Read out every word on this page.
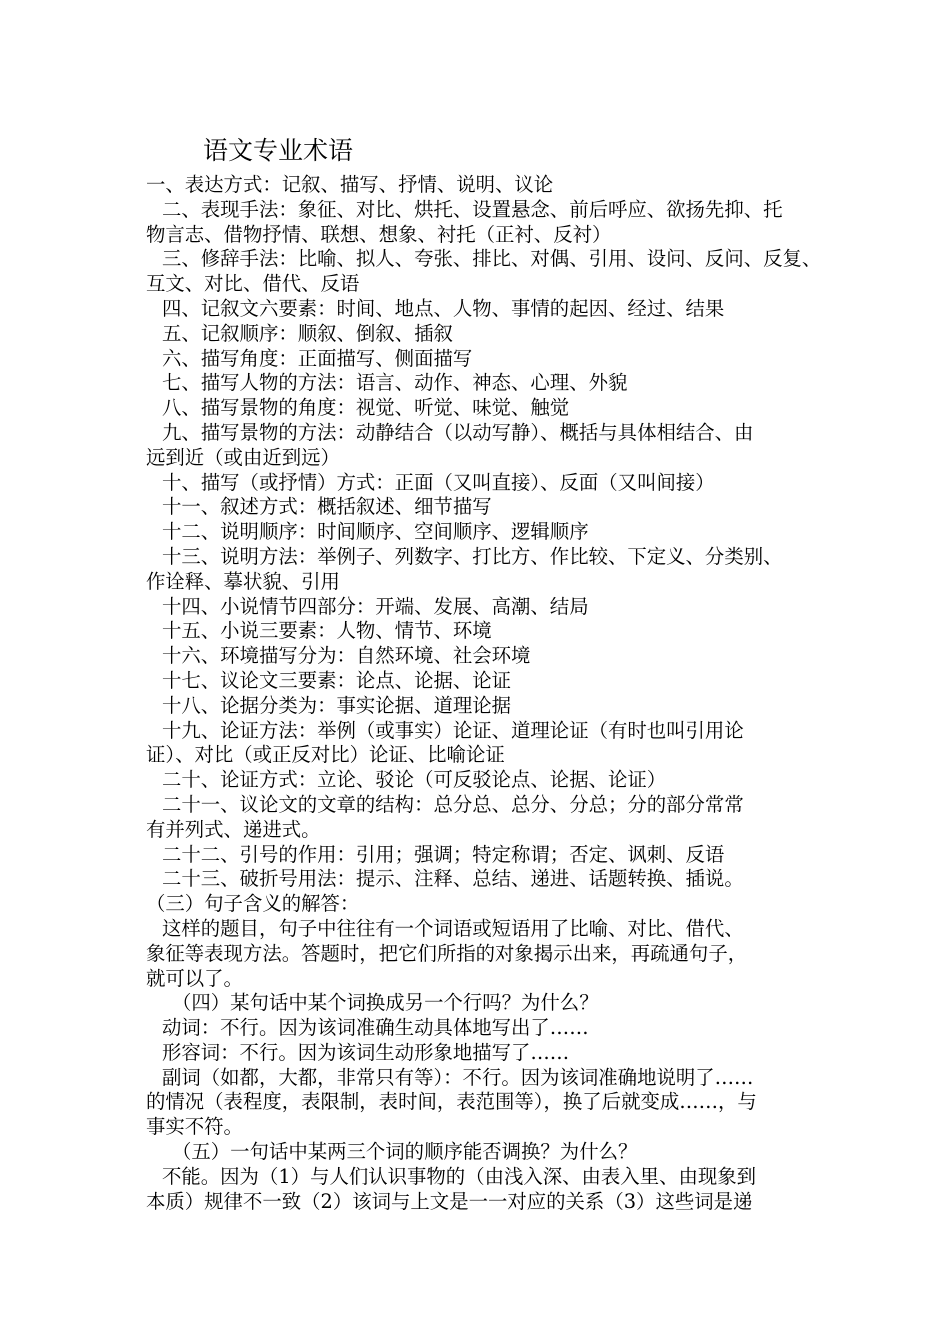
语文专业术语
一、表达方式：记叙、描写、抒情、说明、议论
二、表现手法：象征、对比、烘托、设置悬念、前后呼应、欲扬先抑、托
物言志、借物抒情、联想、想象、衬托（正衬、反衬）
三、修辞手法：比喻、拟人、夸张、排比、对偶、引用、设问、反问、反复、
互文、对比、借代、反语
四、记叙文六要素：时间、地点、人物、事情的起因、经过、结果
五、记叙顺序：顺叙、倒叙、插叙
六、描写角度：正面描写、侧面描写
七、描写人物的方法：语言、动作、神态、心理、外貌
八、描写景物的角度：视觉、听觉、味觉、触觉
九、描写景物的方法：动静结合（以动写静）、概括与具体相结合、由
远到近（或由近到远）
十、描写（或抒情）方式：正面（又叫直接）、反面（又叫间接）
十一、叙述方式：概括叙述、细节描写
十二、说明顺序：时间顺序、空间顺序、逻辑顺序
十三、说明方法：举例子、列数字、打比方、作比较、下定义、分类别、
作诠释、摹状貌、引用
十四、小说情节四部分：开端、发展、高潮、结局
十五、小说三要素：人物、情节、环境
十六、环境描写分为：自然环境、社会环境
十七、议论文三要素：论点、论据、论证
十八、论据分类为：事实论据、道理论据
十九、论证方法：举例（或事实）论证、道理论证（有时也叫引用论
证）、对比（或正反对比）论证、比喻论证
二十、论证方式：立论、驳论（可反驳论点、论据、论证）
二十一、议论文的文章的结构：总分总、总分、分总；分的部分常常
有并列式、递进式。
二十二、引号的作用：引用；强调；特定称谓；否定、讽刺、反语
二十三、破折号用法：提示、注释、总结、递进、话题转换、插说。
（三）句子含义的解答：
这样的题目，句子中往往有一个词语或短语用了比喻、对比、借代、
象征等表现方法。答题时，把它们所指的对象揭示出来，再疏通句子，
就可以了。
（四）某句话中某个词换成另一个行吗？为什么？
动词：不行。因为该词准确生动具体地写出了……
形容词：不行。因为该词生动形象地描写了……
副词（如都，大都，非常只有等）：不行。因为该词准确地说明了……
的情况（表程度，表限制，表时间，表范围等），换了后就变成……，与
事实不符。
（五）一句话中某两三个词的顺序能否调换？为什么？
不能。因为（1）与人们认识事物的（由浅入深、由表入里、由现象到
本质）规律不一致（2）该词与上文是一一对应的关系（3）这些词是递
